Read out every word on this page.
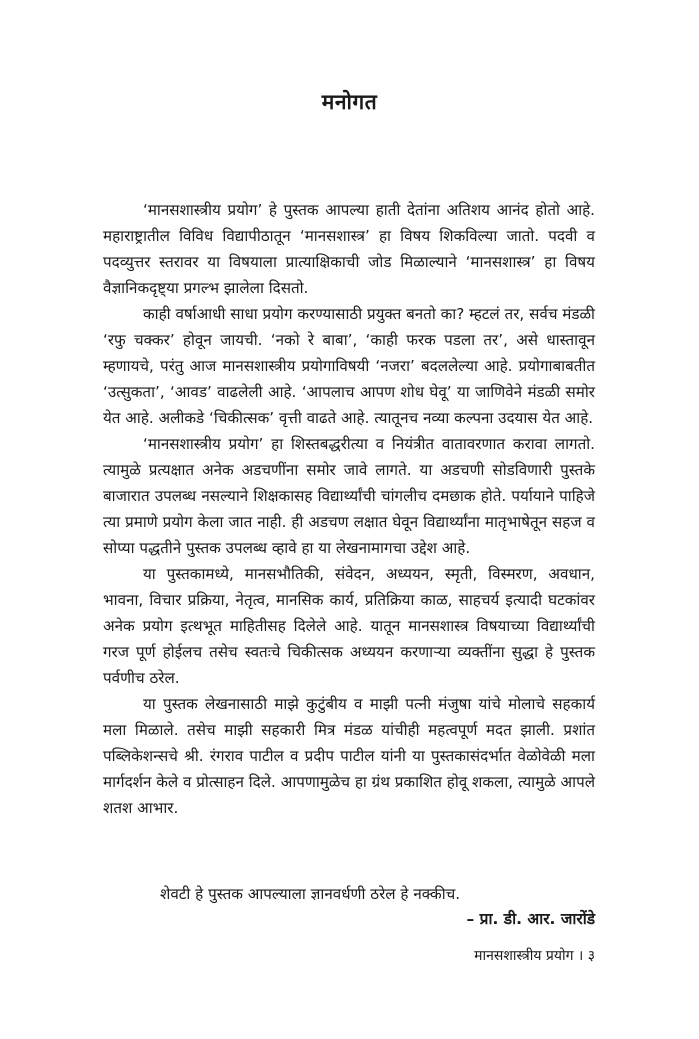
मनोगत

‘मानसशास्त्रीय प्रयोग’ हे पुस्तक आपल्या हाती देतांना अतिशय आनंद होतो आहे. महाराष्ट्रातील विविध विद्यापीठातून ‘मानसशास्त्र’ हा विषय शिकविल्या जातो. पदवी व पदव्युत्तर स्तरावर या विषयाला प्रात्याक्षिकाची जोड मिळाल्याने ‘मानसशास्त्र’ हा विषय वैज्ञानिकदृष्ट्या प्रगल्भ झालेला दिसतो.

काही वर्षाआधी साधा प्रयोग करण्यासाठी प्रयुक्त बनतो का? म्हटलं तर, सर्वच मंडळी ‘रफु चक्कर’ होवून जायची. ‘नको रे बाबा’, ‘काही फरक पडला तर’, असे धास्तावून म्हणायचे, परंतु आज मानसशास्त्रीय प्रयोगाविषयी ‘नजरा’ बदललेल्या आहे. प्रयोगाबाबतीत ‘उत्सुकता’, ‘आवड’ वाढलेली आहे. ‘आपलाच आपण शोध घेवू’ या जाणिवेने मंडळी समोर येत आहे. अलीकडे ‘चिकीत्सक’ वृत्ती वाढते आहे. त्यातूनच नव्या कल्पना उदयास येत आहे.

‘मानसशास्त्रीय प्रयोग’ हा शिस्तबद्धरीत्या व नियंत्रीत वातावरणात करावा लागतो. त्यामुळे प्रत्यक्षात अनेक अडचणींना समोर जावे लागते. या अडचणी सोडविणारी पुस्तके बाजारात उपलब्ध नसल्याने शिक्षकासह विद्यार्थ्यांची चांगलीच दमछाक होते. पर्यायाने पाहिजे त्या प्रमाणे प्रयोग केला जात नाही. ही अडचण लक्षात घेवून विद्यार्थ्यांना मातृभाषेतून सहज व सोप्या पद्धतीने पुस्तक उपलब्ध व्हावे हा या लेखनामागचा उद्देश आहे.

या पुस्तकामध्ये, मानसभौतिकी, संवेदन, अध्ययन, स्मृती, विस्मरण, अवधान, भावना, विचार प्रक्रिया, नेतृत्व, मानसिक कार्य, प्रतिक्रिया काळ, साहचर्य इत्यादी घटकांवर अनेक प्रयोग इत्थभूत माहितीसह दिलेले आहे. यातून मानसशास्त्र विषयाच्या विद्यार्थ्यांची गरज पूर्ण होईलच तसेच स्वतःचे चिकीत्सक अध्ययन करणाऱ्या व्यक्तींना सुद्धा हे पुस्तक पर्वणीच ठरेल.

या पुस्तक लेखनासाठी माझे कुटुंबीय व माझी पत्नी मंजुषा यांचे मोलाचे सहकार्य मला मिळाले. तसेच माझी सहकारी मित्र मंडळ यांचीही महत्वपूर्ण मदत झाली. प्रशांत पब्लिकेशन्सचे श्री. रंगराव पाटील व प्रदीप पाटील यांनी या पुस्तकासंदर्भात वेळोवेळी मला मार्गदर्शन केले व प्रोत्साहन दिले. आपणामुळेच हा ग्रंथ प्रकाशित होवू शकला, त्यामुळे आपले शतश आभार.

शेवटी हे पुस्तक आपल्याला ज्ञानवर्धणी ठरेल हे नक्कीच.
– प्रा. डी. आर. जारोंडे
मानसशास्त्रीय प्रयोग । ३
